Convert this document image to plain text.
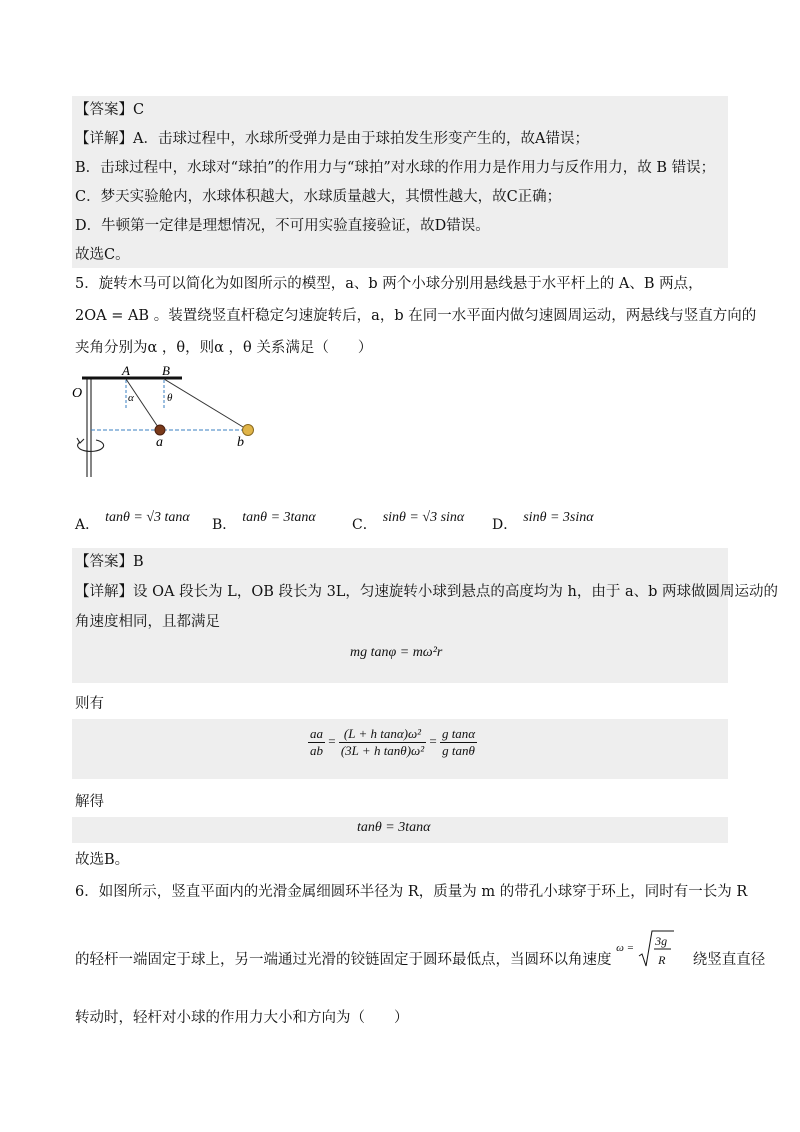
【答案】C
【详解】A．击球过程中，水球所受弹力是由于球拍发生形变产生的，故A错误；
B．击球过程中，水球对“球拍”的作用力与“球拍”对水球的作用力是作用力与反作用力，故 B 错误；
C．梦天实验舱内，水球体积越大，水球质量越大，其惯性越大，故C正确；
D．牛顿第一定律是理想情况，不可用实验直接验证，故D错误。
故选C。
5．旋转木马可以简化为如图所示的模型，a、b 两个小球分别用悬线悬于水平杆上的 A、B 两点，
2OA = AB 。装置绕竖直杆稳定匀速旋转后，a，b 在同一水平面内做匀速圆周运动，两悬线与竖直方向的
夹角分别为α ，θ，则α ，θ 关系满足（　　）
O
A B
α	θ
a	b
A． tanθ = √3 tanα B． tanθ = 3tanα	C． sinθ = √3 sinα D． sinθ = 3sinα
【答案】B
【详解】设 OA 段长为 L，OB 段长为 3L，匀速旋转小球到悬点的高度均为 h，由于 a、b 两球做圆周运动的
角速度相同，且都满足
mg tanφ = mω²r
则有
$\frac{aa}{ab} = \frac{\text{(L + h tanα)ω²}}{\text{(3L + h tanθ)ω²}} = \frac{\text{g tanα}}{\text{g tanθ}}$
解得
tanθ = 3tanα
故选B。
6．如图所示，竖直平面内的光滑金属细圆环半径为 R，质量为 m 的带孔小球穿于环上，同时有一长为 R
的轻杆一端固定于球上，另一端通过光滑的铰链固定于圆环最低点，当圆环以角速度
ω = 3g
R 绕竖直直径
转动时，轻杆对小球的作用力大小和方向为（　　）
